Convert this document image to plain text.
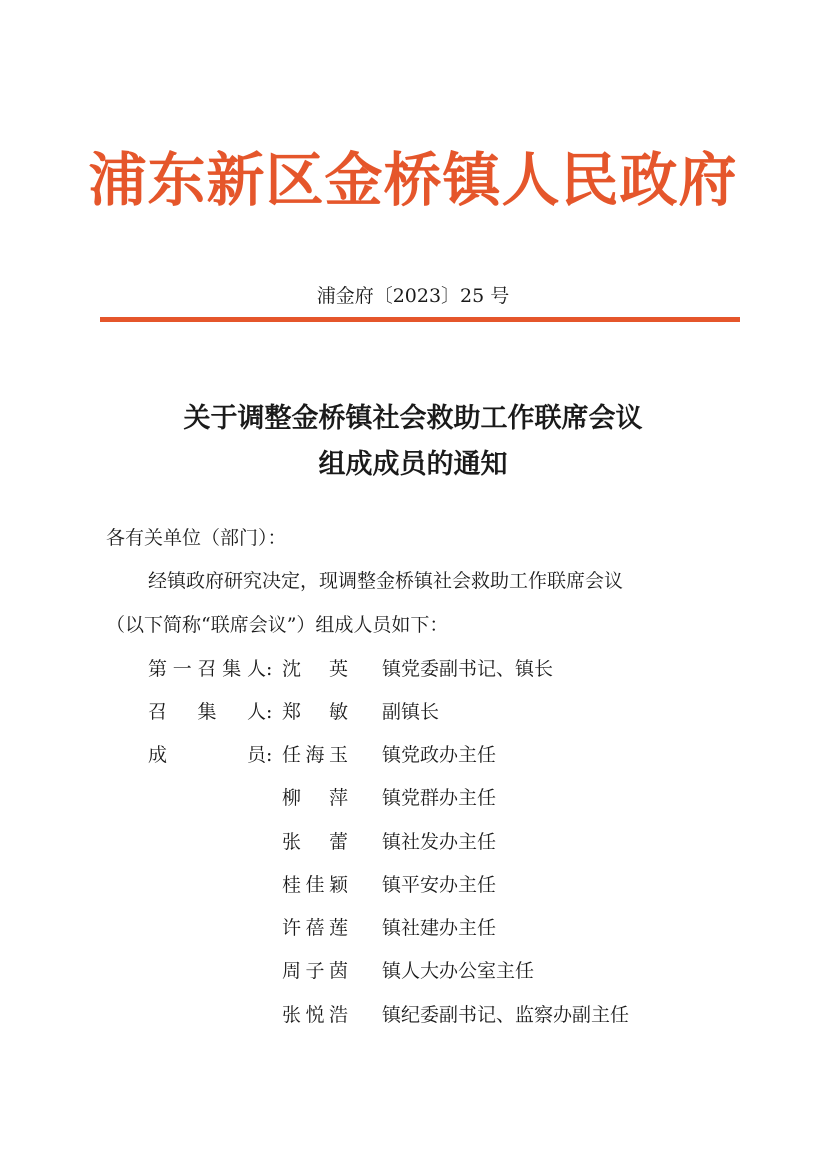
浦东新区金桥镇人民政府
浦金府〔2023〕25 号
关于调整金桥镇社会救助工作联席会议
组成成员的通知
各有关单位（部门）：
经镇政府研究决定，现调整金桥镇社会救助工作联席会议
（以下简称“联席会议”）组成人员如下：
第一召集人 : 沈英 镇党委副书记、镇长
召集人 : 郑敏 副镇长
成员 : 任海玉 镇党政办主任
柳萍 镇党群办主任
张蕾 镇社发办主任
桂佳颖 镇平安办主任
许蓓莲 镇社建办主任
周子茵 镇人大办公室主任
张悦浩 镇纪委副书记、监察办副主任
